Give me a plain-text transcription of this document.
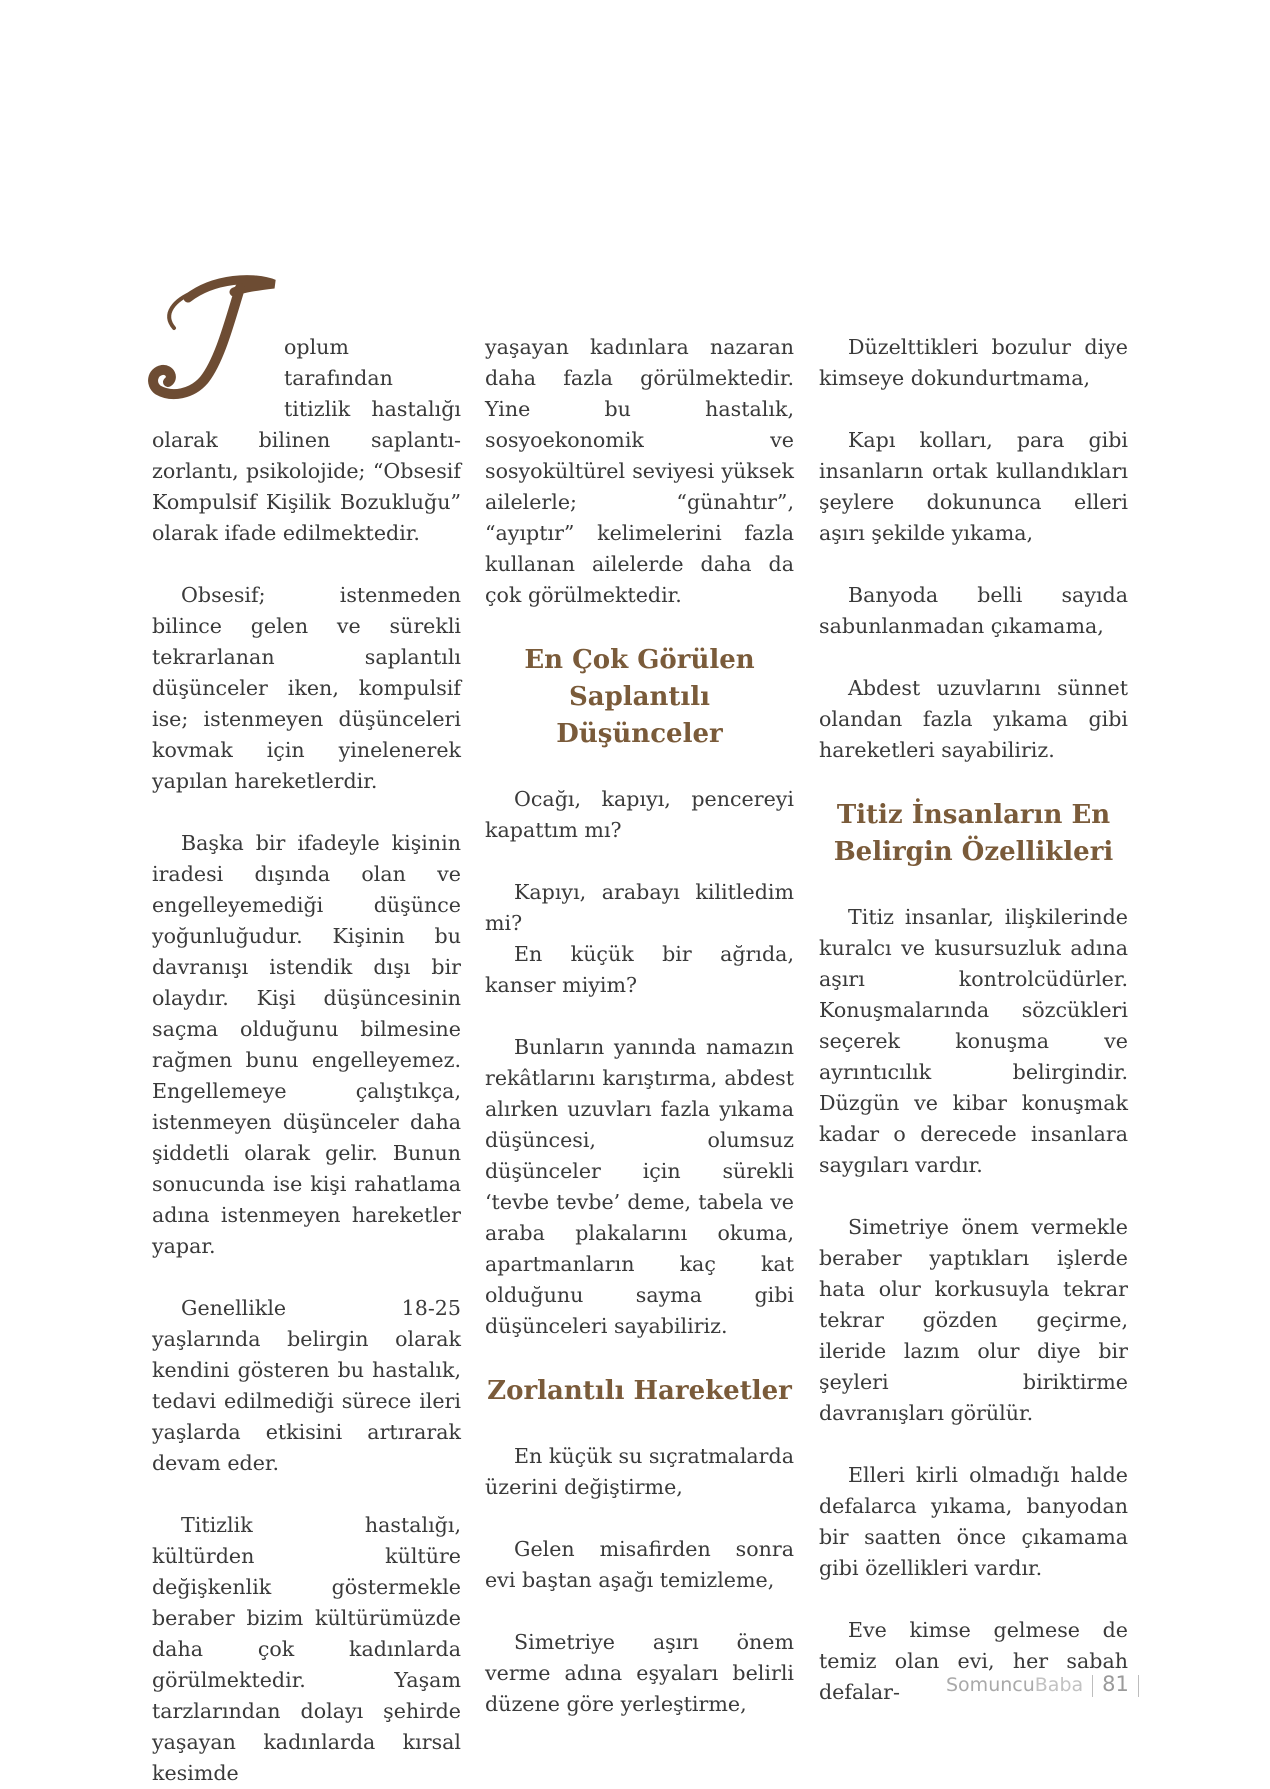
oplum tarafından titizlik hastalığı olarak bilinen saplantı-zorlantı, psikolojide; “Obsesif Kompulsif Kişilik Bozukluğu” olarak ifade edilmektedir.

Obsesif; istenmeden bilince gelen ve sürekli tekrarlanan saplantılı düşünceler iken, kompulsif ise; istenmeyen düşünceleri kovmak için yinelenerek yapılan hareketlerdir.

Başka bir ifadeyle kişinin iradesi dışında olan ve engelleyemediği düşünce yoğunluğudur. Kişinin bu davranışı istendik dışı bir olaydır. Kişi düşüncesinin saçma olduğunu bilmesine rağmen bunu engelleyemez. Engellemeye çalıştıkça, istenmeyen düşünceler daha şiddetli olarak gelir. Bunun sonucunda ise kişi rahatlama adına istenmeyen hareketler yapar.

Genellikle 18-25 yaşlarında belirgin olarak kendini gösteren bu hastalık, tedavi edilmediği sürece ileri yaşlarda etkisini artırarak devam eder.

Titizlik hastalığı, kültürden kültüre değişkenlik göstermekle beraber bizim kültürümüzde daha çok kadınlarda görülmektedir. Yaşam tarzlarından dolayı şehirde yaşayan kadınlarda kırsal kesimde

yaşayan kadınlara nazaran daha fazla görülmektedir. Yine bu hastalık, sosyoekonomik ve sosyokültürel seviyesi yüksek ailelerle; “günahtır”, “ayıptır” kelimelerini fazla kullanan ailelerde daha da çok görülmektedir.

En Çok Görülen Saplantılı Düşünceler

Ocağı, kapıyı, pencereyi kapattım mı?

Kapıyı, arabayı kilitledim mi?

En küçük bir ağrıda, kanser miyim?

Bunların yanında namazın rekâtlarını karıştırma, abdest alırken uzuvları fazla yıkama düşüncesi, olumsuz düşünceler için sürekli ‘tevbe tevbe’ deme, tabela ve araba plakalarını okuma, apartmanların kaç kat olduğunu sayma gibi düşünceleri sayabiliriz.

Zorlantılı Hareketler

En küçük su sıçratmalarda üzerini değiştirme,

Gelen misafirden sonra evi baştan aşağı temizleme,

Simetriye aşırı önem verme adına eşyaları belirli düzene göre yerleştirme,

Düzelttikleri bozulur diye kimseye dokundurtmama,

Kapı kolları, para gibi insanların ortak kullandıkları şeylere dokununca elleri aşırı şekilde yıkama,

Banyoda belli sayıda sabunlanmadan çıkamama,

Abdest uzuvlarını sünnet olandan fazla yıkama gibi hareketleri sayabiliriz.

Titiz İnsanların En Belirgin Özellikleri

Titiz insanlar, ilişkilerinde kuralcı ve kusursuzluk adına aşırı kontrolcüdürler. Konuşmalarında sözcükleri seçerek konuşma ve ayrıntıcılık belirgindir. Düzgün ve kibar konuşmak kadar o derecede insanlara saygıları vardır.

Simetriye önem vermekle beraber yaptıkları işlerde hata olur korkusuyla tekrar tekrar gözden geçirme, ileride lazım olur diye bir şeyleri biriktirme davranışları görülür.

Elleri kirli olmadığı halde defalarca yıkama, banyodan bir saatten önce çıkamama gibi özellikleri vardır.

Eve kimse gelmese de temiz olan evi, her sabah defalar-	SomuncuBaba 81
